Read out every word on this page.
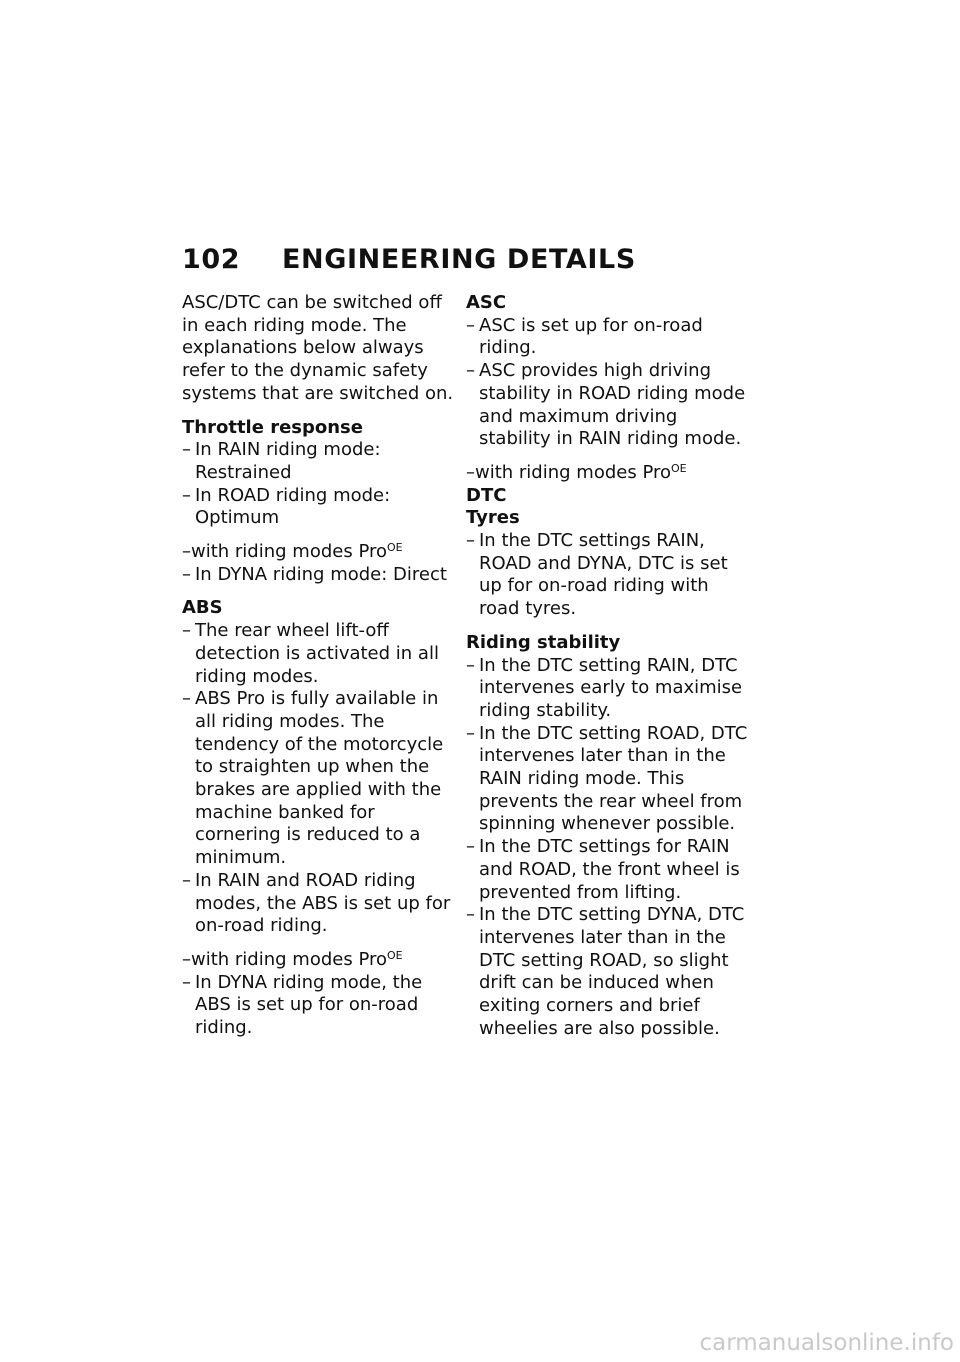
102 ENGINEERING DETAILS

ASC/DTC can be switched off in each riding mode. The explanations below always refer to the dynamic safety systems that are switched on.

Throttle response

– In RAIN riding mode: Restrained
– In ROAD riding mode: Optimum

–with riding modes Pro$^{OE}$

– In DYNA riding mode: Direct

ABS

– The rear wheel lift-off detection is activated in all riding modes.
– ABS Pro is fully available in all riding modes. The tendency of the motorcycle to straighten up when the brakes are applied with the machine banked for cornering is reduced to a minimum.
– In RAIN and ROAD riding modes, the ABS is set up for on-road riding.

–with riding modes Pro$^{OE}$

– In DYNA riding mode, the ABS is set up for on-road riding.

ASC

– ASC is set up for on-road riding.
– ASC provides high driving stability in ROAD riding mode and maximum driving stability in RAIN riding mode.

–with riding modes Pro$^{OE}$

DTC

Tyres

– In the DTC settings RAIN, ROAD and DYNA, DTC is set up for on-road riding with road tyres.

Riding stability

– In the DTC setting RAIN, DTC intervenes early to maximise riding stability.
– In the DTC setting ROAD, DTC intervenes later than in the RAIN riding mode. This prevents the rear wheel from spinning whenever possible.
– In the DTC settings for RAIN and ROAD, the front wheel is prevented from lifting.
– In the DTC setting DYNA, DTC intervenes later than in the DTC setting ROAD, so slight drift can be induced when exiting corners and brief wheelies are also possible.
carmanualsonline.info
